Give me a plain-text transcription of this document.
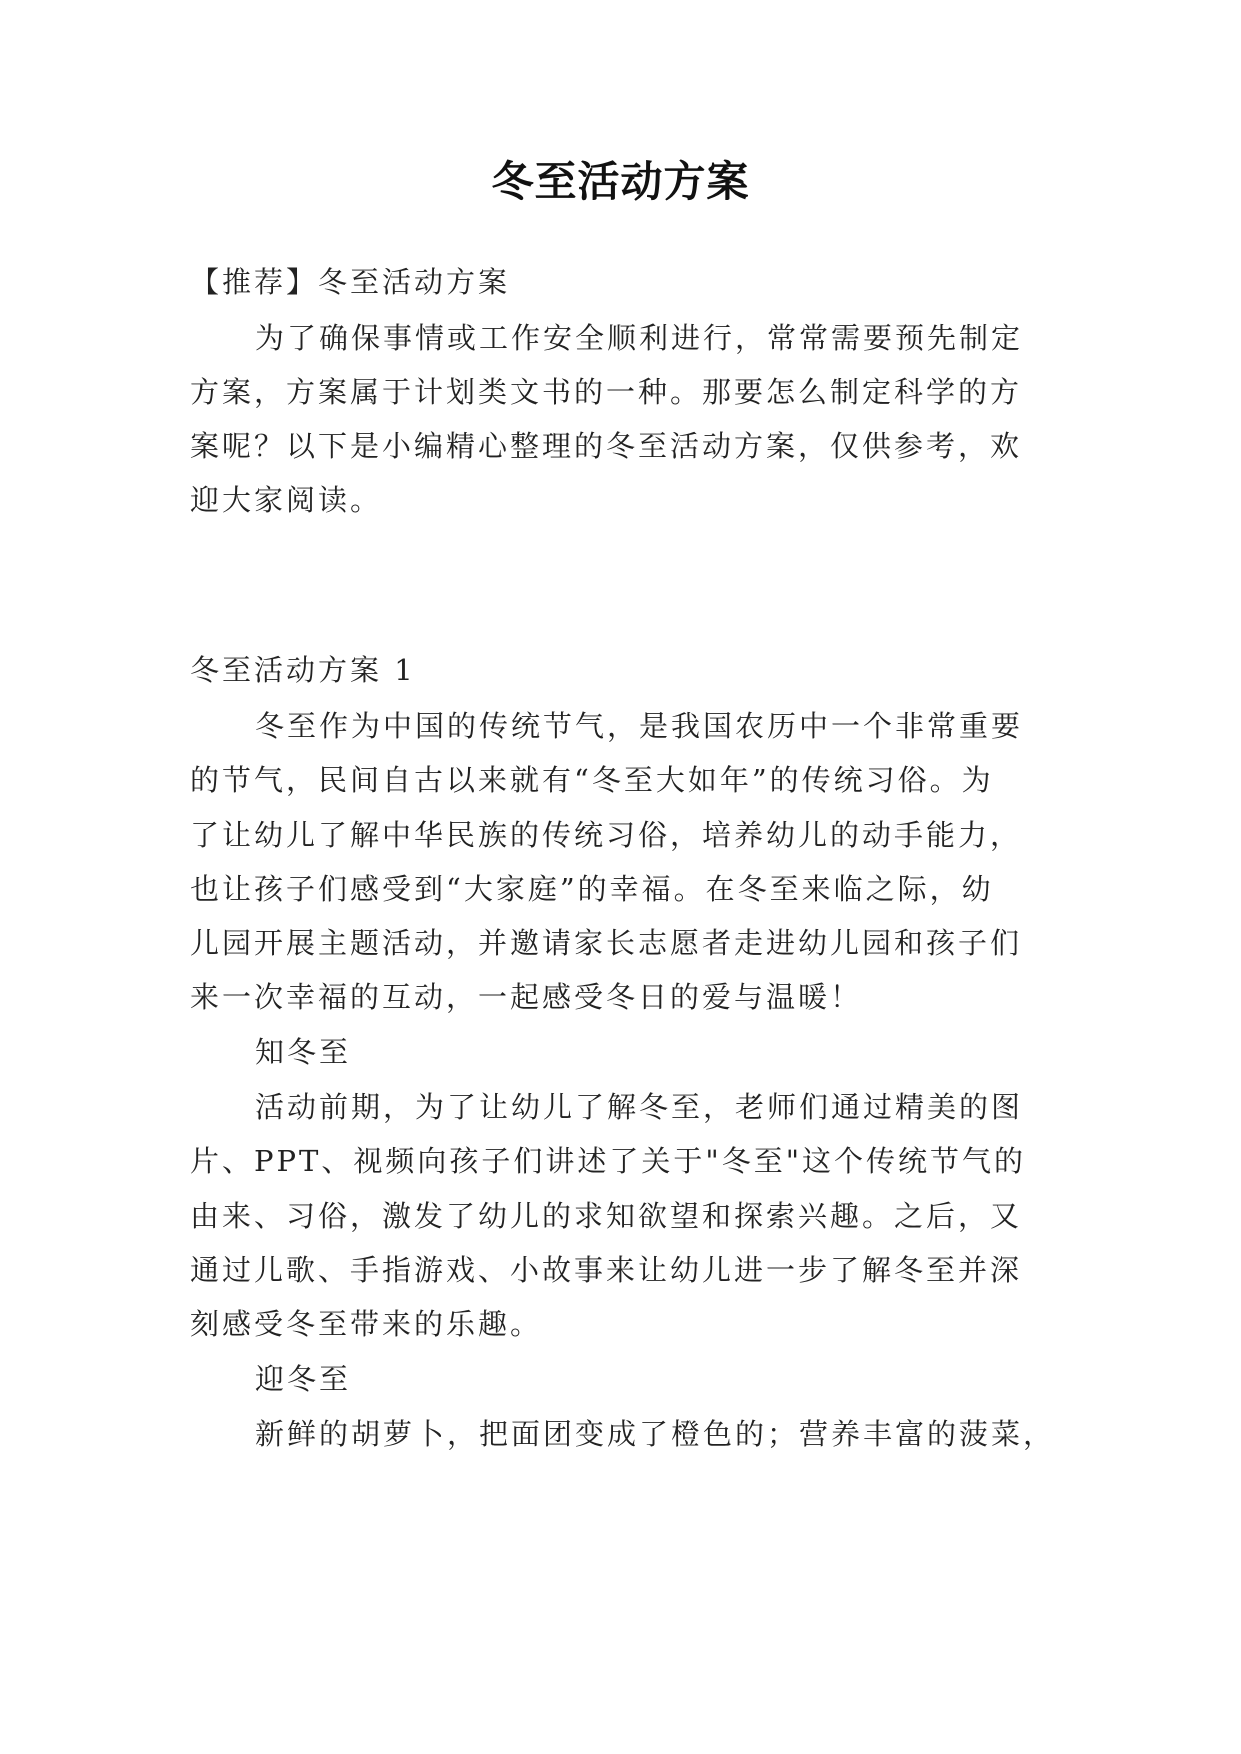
冬至活动方案
【推荐】冬至活动方案
为了确保事情或工作安全顺利进行，常常需要预先制定
方案，方案属于计划类文书的一种。那要怎么制定科学的方
案呢？以下是小编精心整理的冬至活动方案，仅供参考，欢
迎大家阅读。
冬至活动方案 1
冬至作为中国的传统节气，是我国农历中一个非常重要
的节气，民间自古以来就有“冬至大如年”的传统习俗。为
了让幼儿了解中华民族的传统习俗，培养幼儿的动手能力，
也让孩子们感受到“大家庭”的幸福。在冬至来临之际，幼
儿园开展主题活动，并邀请家长志愿者走进幼儿园和孩子们
来一次幸福的互动，一起感受冬日的爱与温暖！
知冬至
活动前期，为了让幼儿了解冬至，老师们通过精美的图
片、PPT、视频向孩子们讲述了关于"冬至"这个传统节气的
由来、习俗，激发了幼儿的求知欲望和探索兴趣。之后，又
通过儿歌、手指游戏、小故事来让幼儿进一步了解冬至并深
刻感受冬至带来的乐趣。
迎冬至
新鲜的胡萝卜，把面团变成了橙色的；营养丰富的菠菜，
